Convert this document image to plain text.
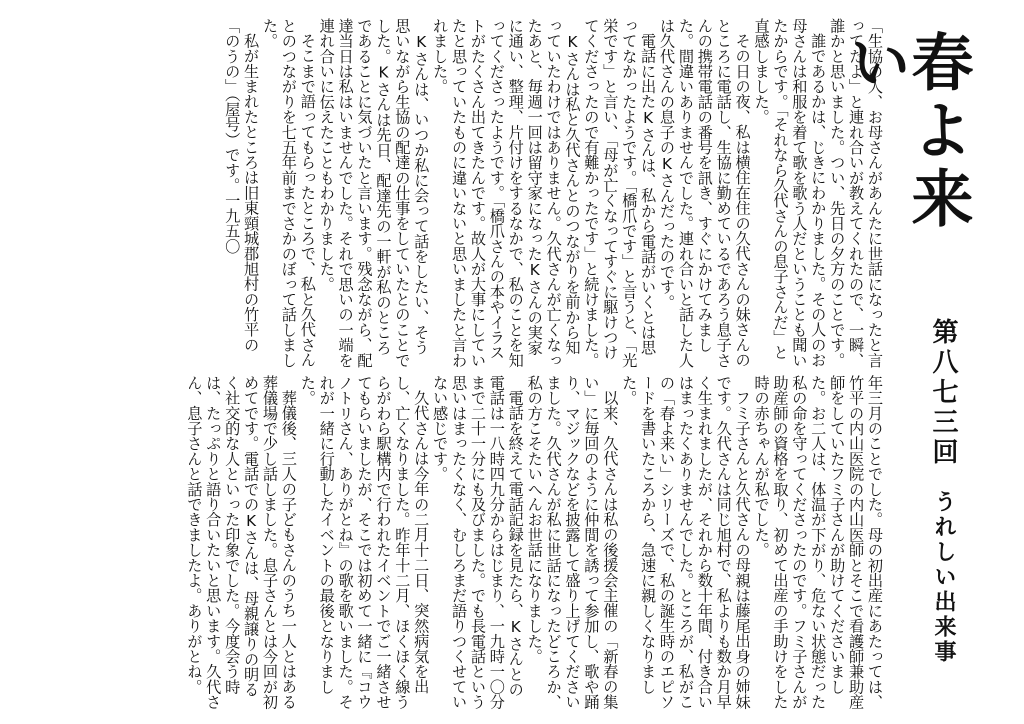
春よ来い
第八七三回
うれしい出来事

「生協の人、お母さんがあんたに世話になったと言ってたよ」と連れ合いが教えてくれたので、一瞬、誰かと思いました。つい、先日の夕方のことです。

誰であるかは、じきにわかりました。その人のお母さんは和服を着て歌を歌う人だということも聞いたからです。「それなら久代さんの息子さんだ」と直感しました。

その日の夜、私は横住在住の久代さんの妹さんのところに電話し、生協に勤めているであろう息子さんの携帯電話の番号を訊き、すぐにかけてみました。間違いありませんでした。連れ合いと話した人は久代さんの息子のKさんだったのです。

電話に出たKさんは、私から電話がいくとは思ってなかったようです。「橋爪です」と言うと、「光栄です」と言い、「母が亡くなってすぐに駆けつけてくださったので有難かったです」と続けました。

Kさんは私と久代さんとのつながりを前から知っていたわけではありません。久代さんが亡くなったあと、毎週一回は留守家になったKさんの実家に通い、整理、片付けをするなかで、私のことを知ってくださったようです。「橋爪さんの本やイラストがたくさん出てきたんです。故人が大事にしていたと思っていたものに違いないと思いましたと言われました。

Kさんは、いつか私に会って話をしたい、そう思いながら生協の配達の仕事をしていたとのことでした。Kさんは先日、配達先の一軒が私のところであることに気づいたと言います。残念ながら、配達当日は私はいませんでした。それで思いの一端を連れ合いに伝えたこともわかりました。

そこまで語ってもらったところで、私と久代さんとのつながりを七五年前までさかのぼって話しました。

私が生まれたところは旧東頸城郡旭村の竹平の「のうの」（屋号）です。一九五〇

年三月のことでした。母の初出産にあたっては、竹平の内山医院の内山医師とそこで看護師兼助産師をしていたフミ子さんが助けてくださいました。お二人は、体温が下がり、危ない状態だった私の命を守ってくださったのです。フミ子さんが助産師の資格を取り、初めて出産の手助けをした時の赤ちゃんが私でした。

フミ子さんと久代さんの母親は藤尾出身の姉妹です。久代さんは同じ旭村で、私よりも数か月早く生まれましたが、それから数十年間、付き合いはまったくありませんでした。ところが、私がこの「春よ来い」シリーズで、私の誕生時のエピソードを書いたころから、急速に親しくなりました。

以来、久代さんは私の後援会主催の「新春の集い」に毎回のように仲間を誘って参加し、歌や踊り、マジックなどを披露して盛り上げてくださいました。久代さんが私に世話になったどころか、私の方こそたいへんお世話になりました。

電話を終えて電話記録を見たら、Kさんとの電話は一八時四九分からはじまり、一九時一〇分まで二十一分にも及びました。でも長電話という思いはまったくなく、むしろまだ語りつくせていない感じです。

久代さんは今年の二月十二日、突然病気を出し、亡くなりました。昨年十二月、ほくほく線うらがわら駅構内で行われたイベントでご一緒させてもらいましたが、そこでは初めて一緒に『コウノトリさん、ありがとね』の歌を歌いました。それが一緒に行動したイベントの最後となりました。

葬儀後、三人の子どもさんのうち一人とはある葬儀場で少し話しました。息子さんとは今回が初めてです。電話でのKさんは、母親譲りの明るく社交的な人といった印象でした。今度会う時は、たっぷりと語り合いたいと思います。久代さん、息子さんと話できましたよ。ありがとね。
